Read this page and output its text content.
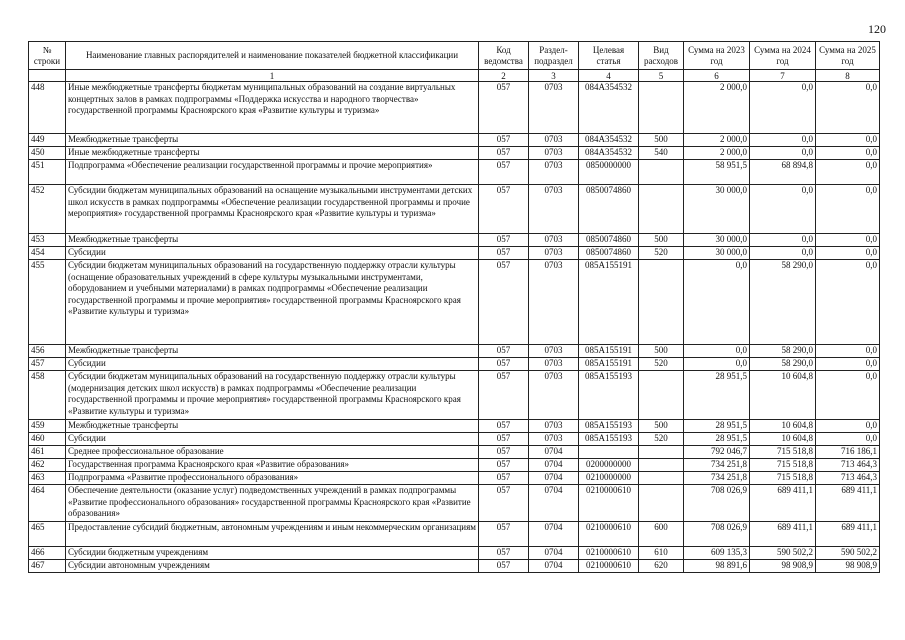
120
№ строки	Наименование главных распорядителей и наименование показателей бюджетной классификации	Код ведомства	Раздел-подраздел	Целевая статья	Вид расходов	Сумма на 2023 год	Сумма на 2024 год	Сумма на 2025 год
	1	2	3	4	5	6	7	8
448	Иные межбюджетные трансферты бюджетам муниципальных образований на создание виртуальных концертных залов в рамках подпрограммы «Поддержка искусства и народного творчества» государственной программы Красноярского края «Развитие культуры и туризма»	057	0703	084A354532		2 000,0	0,0	0,0
449	Межбюджетные трансферты	057	0703	084A354532	500	2 000,0	0,0	0,0
450	Иные межбюджетные трансферты	057	0703	084A354532	540	2 000,0	0,0	0,0
451	Подпрограмма «Обеспечение реализации государственной программы и прочие мероприятия»	057	0703	0850000000		58 951,5	68 894,8	0,0
452	Субсидии бюджетам муниципальных образований на оснащение музыкальными инструментами детских школ искусств в рамках подпрограммы «Обеспечение реализации государственной программы и прочие мероприятия» государственной программы Красноярского края «Развитие культуры и туризма»	057	0703	0850074860		30 000,0	0,0	0,0
453	Межбюджетные трансферты	057	0703	0850074860	500	30 000,0	0,0	0,0
454	Субсидии	057	0703	0850074860	520	30 000,0	0,0	0,0
455	Субсидии бюджетам муниципальных образований на государственную поддержку отрасли культуры (оснащение образовательных учреждений в сфере культуры музыкальными инструментами, оборудованием и учебными материалами) в рамках подпрограммы «Обеспечение реализации государственной программы и прочие мероприятия» государственной программы Красноярского края «Развитие культуры и туризма»	057	0703	085A155191		0,0	58 290,0	0,0
456	Межбюджетные трансферты	057	0703	085A155191	500	0,0	58 290,0	0,0
457	Субсидии	057	0703	085A155191	520	0,0	58 290,0	0,0
458	Субсидии бюджетам муниципальных образований на государственную поддержку отрасли культуры (модернизация детских школ искусств) в рамках подпрограммы «Обеспечение реализации государственной программы и прочие мероприятия» государственной программы Красноярского края «Развитие культуры и туризма»	057	0703	085A155193		28 951,5	10 604,8	0,0
459	Межбюджетные трансферты	057	0703	085A155193	500	28 951,5	10 604,8	0,0
460	Субсидии	057	0703	085A155193	520	28 951,5	10 604,8	0,0
461	Среднее профессиональное образование	057	0704			792 046,7	715 518,8	716 186,1
462	Государственная программа Красноярского края «Развитие образования»	057	0704	0200000000		734 251,8	715 518,8	713 464,3
463	Подпрограмма «Развитие профессионального образования»	057	0704	0210000000		734 251,8	715 518,8	713 464,3
464	Обеспечение деятельности (оказание услуг) подведомственных учреждений в рамках подпрограммы «Развитие профессионального образования» государственной программы Красноярского края «Развитие образования»	057	0704	0210000610		708 026,9	689 411,1	689 411,1
465	Предоставление субсидий бюджетным, автономным учреждениям и иным некоммерческим организациям	057	0704	0210000610	600	708 026,9	689 411,1	689 411,1
466	Субсидии бюджетным учреждениям	057	0704	0210000610	610	609 135,3	590 502,2	590 502,2
467	Субсидии автономным учреждениям	057	0704	0210000610	620	98 891,6	98 908,9	98 908,9
